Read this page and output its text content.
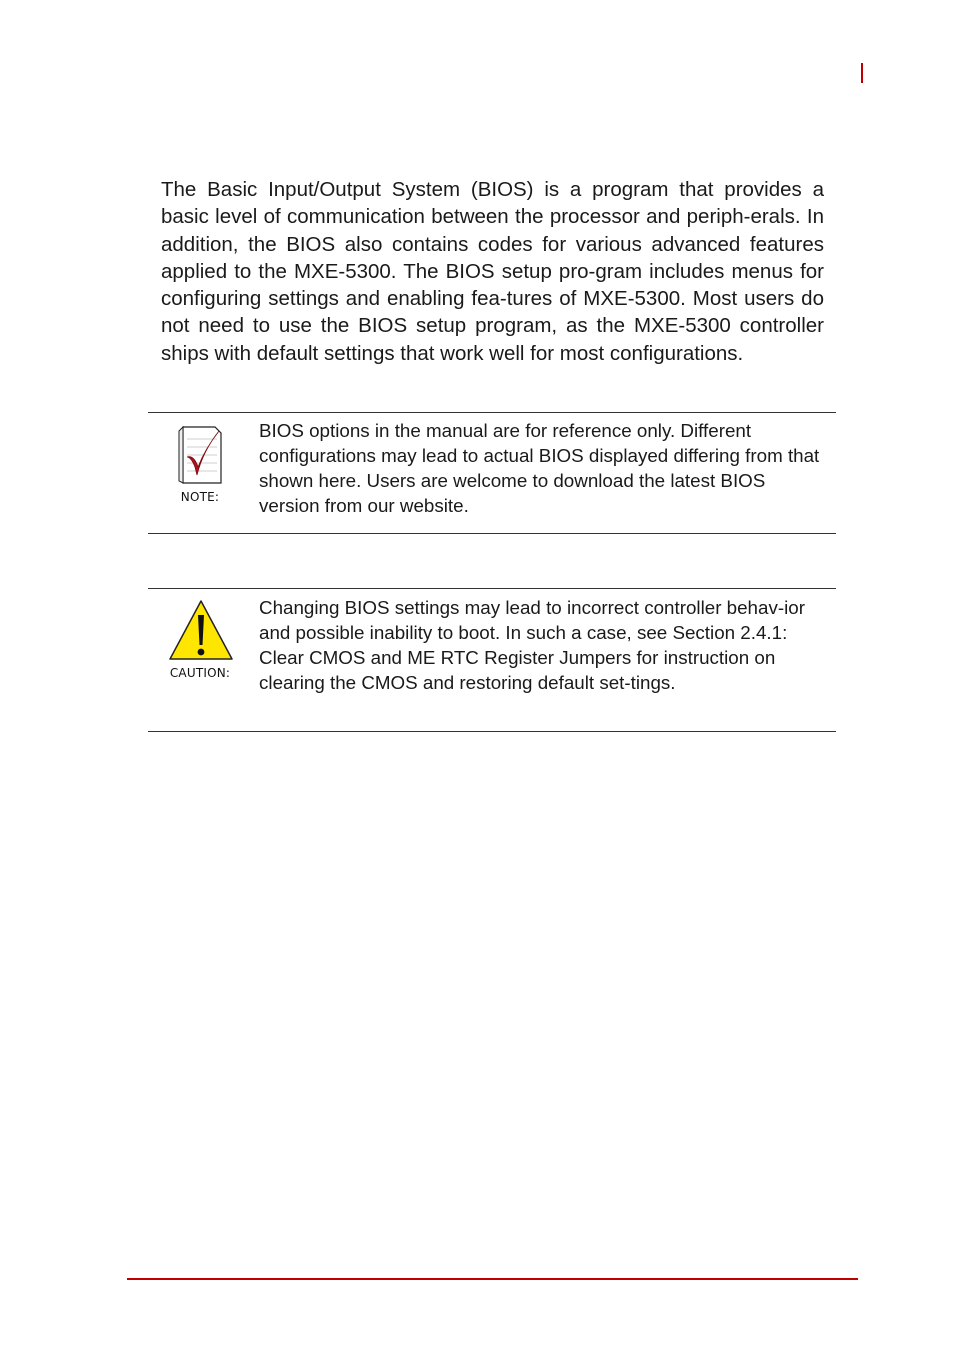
The Basic Input/Output System (BIOS) is a program that provides a basic level of communication between the processor and periph-erals. In addition, the BIOS also contains codes for various advanced features applied to the MXE-5300. The BIOS setup pro-gram includes menus for configuring settings and enabling fea-tures of MXE-5300. Most users do not need to use the BIOS setup program, as the MXE-5300 controller ships with default settings that work well for most configurations.

NOTE:

BIOS options in the manual are for reference only. Different configurations may lead to actual BIOS displayed differing from that shown here. Users are welcome to download the latest BIOS version from our website.

CAUTION:

Changing BIOS settings may lead to incorrect controller behav-ior and possible inability to boot. In such a case, see Section 2.4.1: Clear CMOS and ME RTC Register Jumpers for instruction on clearing the CMOS and restoring default set-tings.
